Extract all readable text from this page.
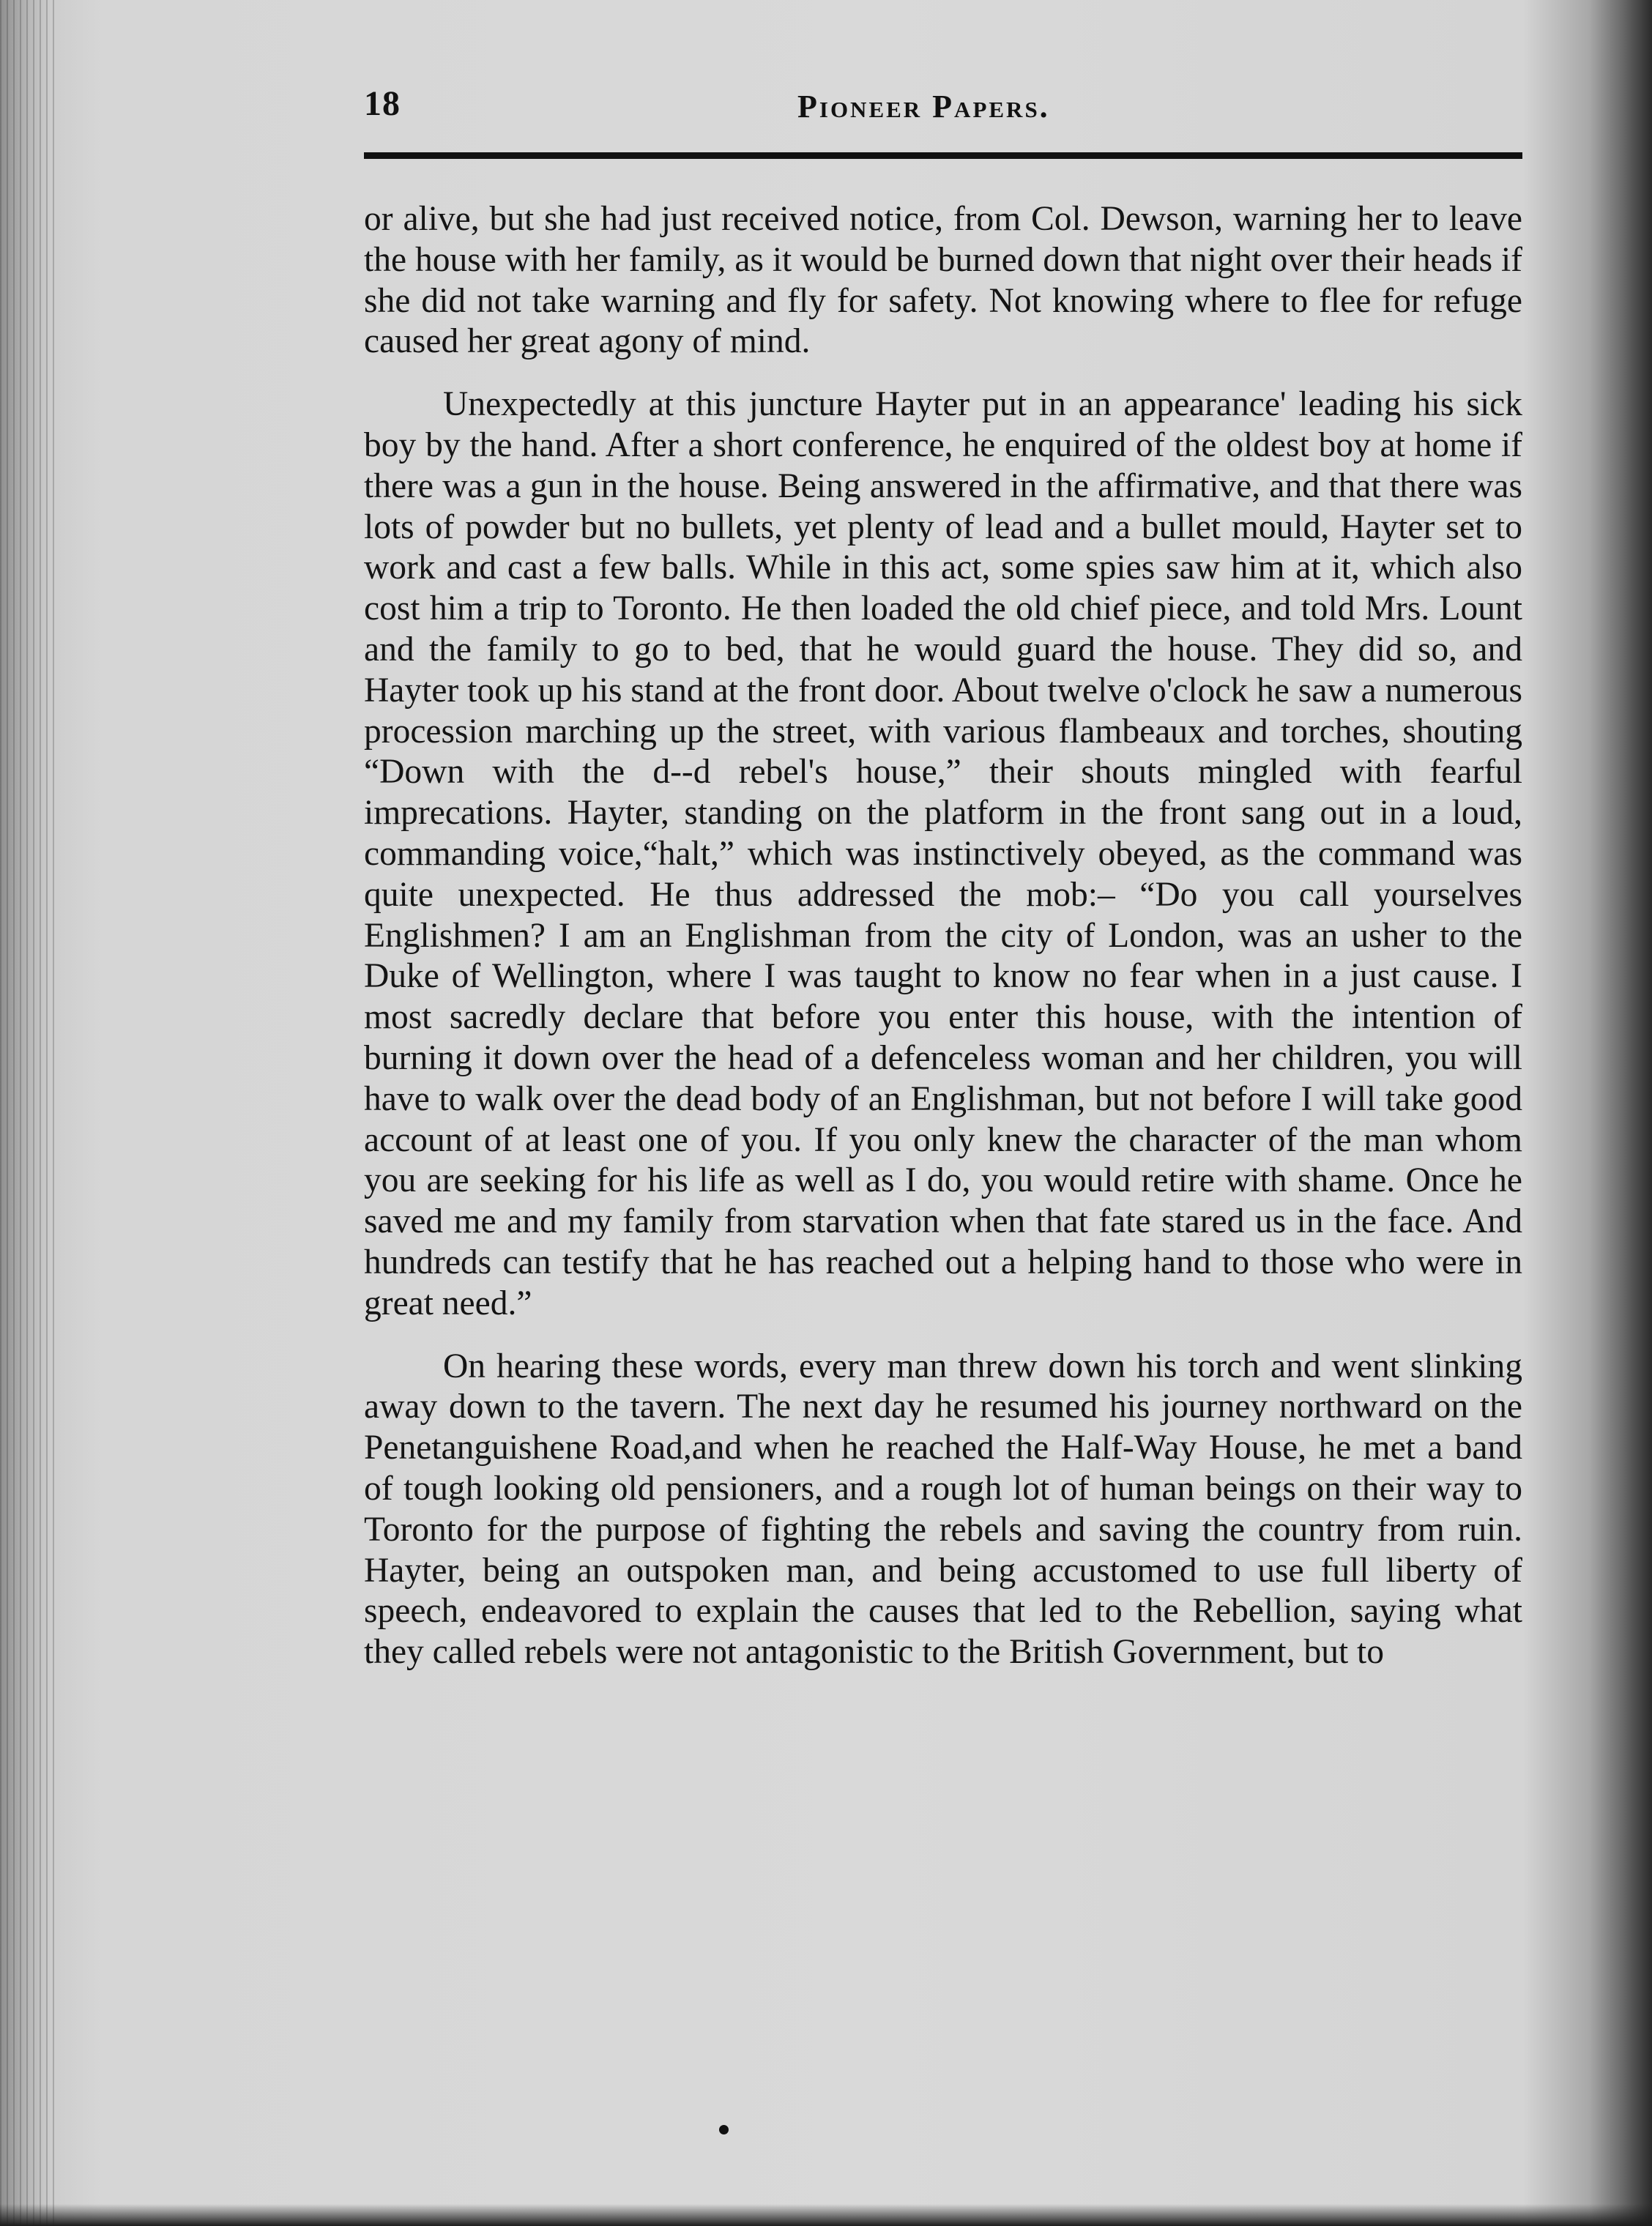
18	Pioneer Papers.

or alive, but she had just received notice, from Col. Dewson, warning her to leave the house with her family, as it would be burned down that night over their heads if she did not take warning and fly for safety. Not knowing where to flee for refuge caused her great agony of mind.

Unexpectedly at this juncture Hayter put in an appearance' leading his sick boy by the hand. After a short conference, he enquired of the oldest boy at home if there was a gun in the house. Being answered in the affirmative, and that there was lots of powder but no bullets, yet plenty of lead and a bullet mould, Hayter set to work and cast a few balls. While in this act, some spies saw him at it, which also cost him a trip to Toronto. He then loaded the old chief piece, and told Mrs. Lount and the family to go to bed, that he would guard the house. They did so, and Hayter took up his stand at the front door. About twelve o'clock he saw a numerous procession marching up the street, with various flambeaux and torches, shouting “Down with the d--d rebel's house,” their shouts mingled with fearful imprecations. Hayter, standing on the platform in the front sang out in a loud, commanding voice,“halt,” which was instinctively obeyed, as the command was quite unexpected. He thus addressed the mob:– “Do you call yourselves Englishmen? I am an Englishman from the city of London, was an usher to the Duke of Wellington, where I was taught to know no fear when in a just cause. I most sacredly declare that before you enter this house, with the intention of burning it down over the head of a defenceless woman and her children, you will have to walk over the dead body of an Englishman, but not before I will take good account of at least one of you. If you only knew the character of the man whom you are seeking for his life as well as I do, you would retire with shame. Once he saved me and my family from starvation when that fate stared us in the face. And hundreds can testify that he has reached out a helping hand to those who were in great need.”

On hearing these words, every man threw down his torch and went slinking away down to the tavern. The next day he resumed his journey northward on the Penetanguishene Road,and when he reached the Half-Way House, he met a band of tough looking old pensioners, and a rough lot of human beings on their way to Toronto for the purpose of fighting the rebels and saving the country from ruin. Hayter, being an outspoken man, and being accustomed to use full liberty of speech, endeavored to explain the causes that led to the Rebellion, saying what they called rebels were not antagonistic to the British Government, but to
